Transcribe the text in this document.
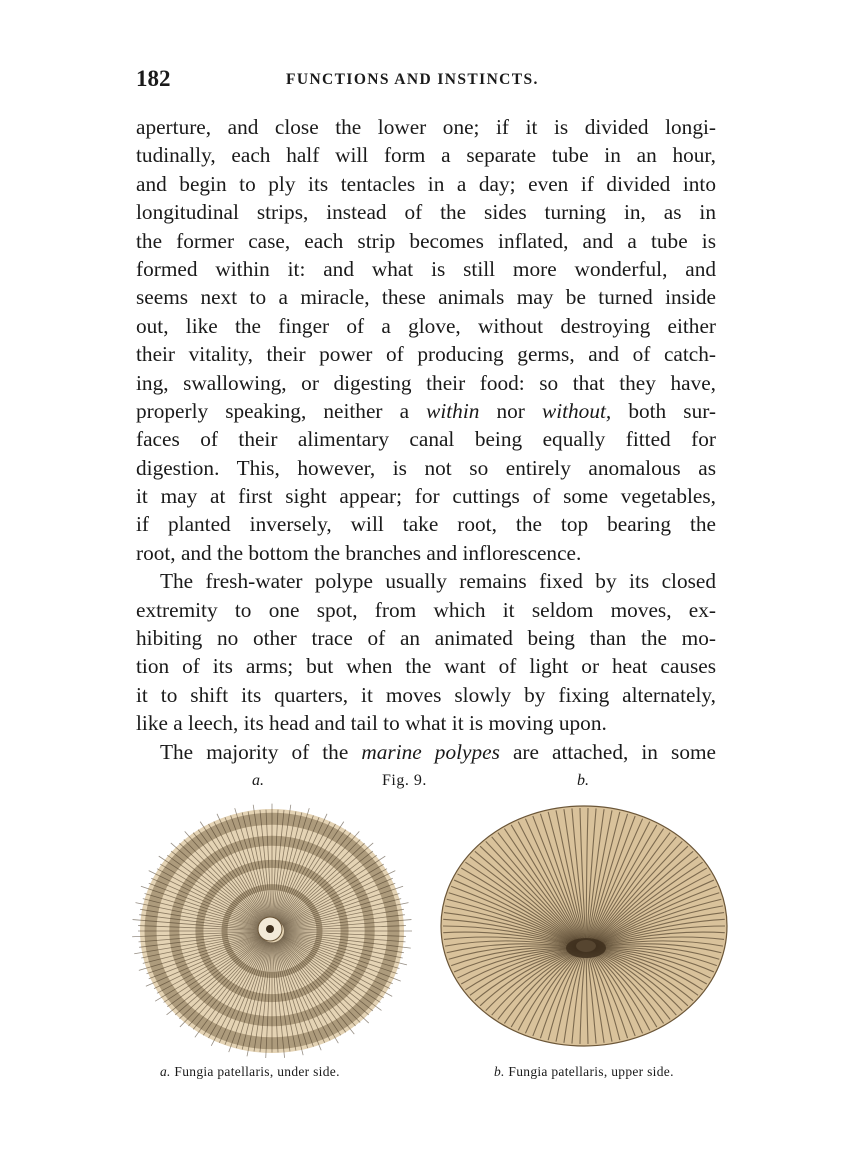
182	FUNCTIONS AND INSTINCTS.
aperture, and close the lower one; if it is divided longi-
tudinally, each half will form a separate tube in an hour,
and begin to ply its tentacles in a day; even if divided into
longitudinal strips, instead of the sides turning in, as in
the former case, each strip becomes inflated, and a tube is
formed within it: and what is still more wonderful, and
seems next to a miracle, these animals may be turned inside
out, like the finger of a glove, without destroying either
their vitality, their power of producing germs, and of catch-
ing, swallowing, or digesting their food: so that they have,
properly speaking, neither a within nor without, both sur-
faces of their alimentary canal being equally fitted for
digestion. This, however, is not so entirely anomalous as
it may at first sight appear; for cuttings of some vegetables,
if planted inversely, will take root, the top bearing the
root, and the bottom the branches and inflorescence.
The fresh-water polype usually remains fixed by its closed
extremity to one spot, from which it seldom moves, ex-
hibiting no other trace of an animated being than the mo-
tion of its arms; but when the want of light or heat causes
it to shift its quarters, it moves slowly by fixing alternately,
like a leech, its head and tail to what it is moving upon.
The majority of the marine polypes are attached, in some
a.	Fig. 9.	b.
a. Fungia patellaris, under side.	b. Fungia patellaris, upper side.
